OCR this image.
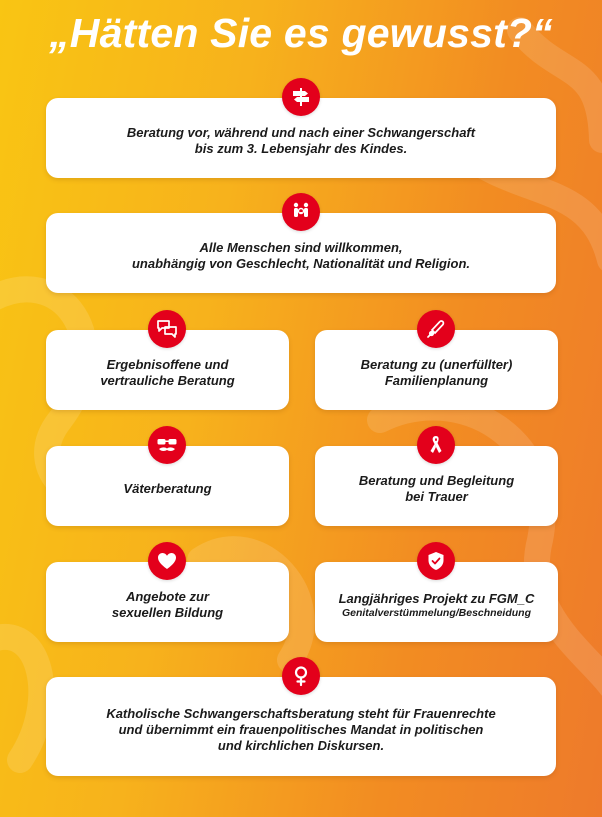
„Hätten Sie es gewusst?“
Beratung vor, während und nach einer Schwangerschaft
bis zum 3. Lebensjahr des Kindes.
Alle Menschen sind willkommen,
unabhängig von Geschlecht, Nationalität und Religion.
Ergebnisoffene und
vertrauliche Beratung
Beratung zu (unerfüllter)
Familienplanung
Väterberatung
Beratung und Begleitung
bei Trauer
Angebote zur
sexuellen Bildung
Langjähriges Projekt zu FGM_C
Genitalverstümmelung/Beschneidung
Katholische Schwangerschaftsberatung steht für Frauenrechte
und übernimmt ein frauenpolitisches Mandat in politischen
und kirchlichen Diskursen.
